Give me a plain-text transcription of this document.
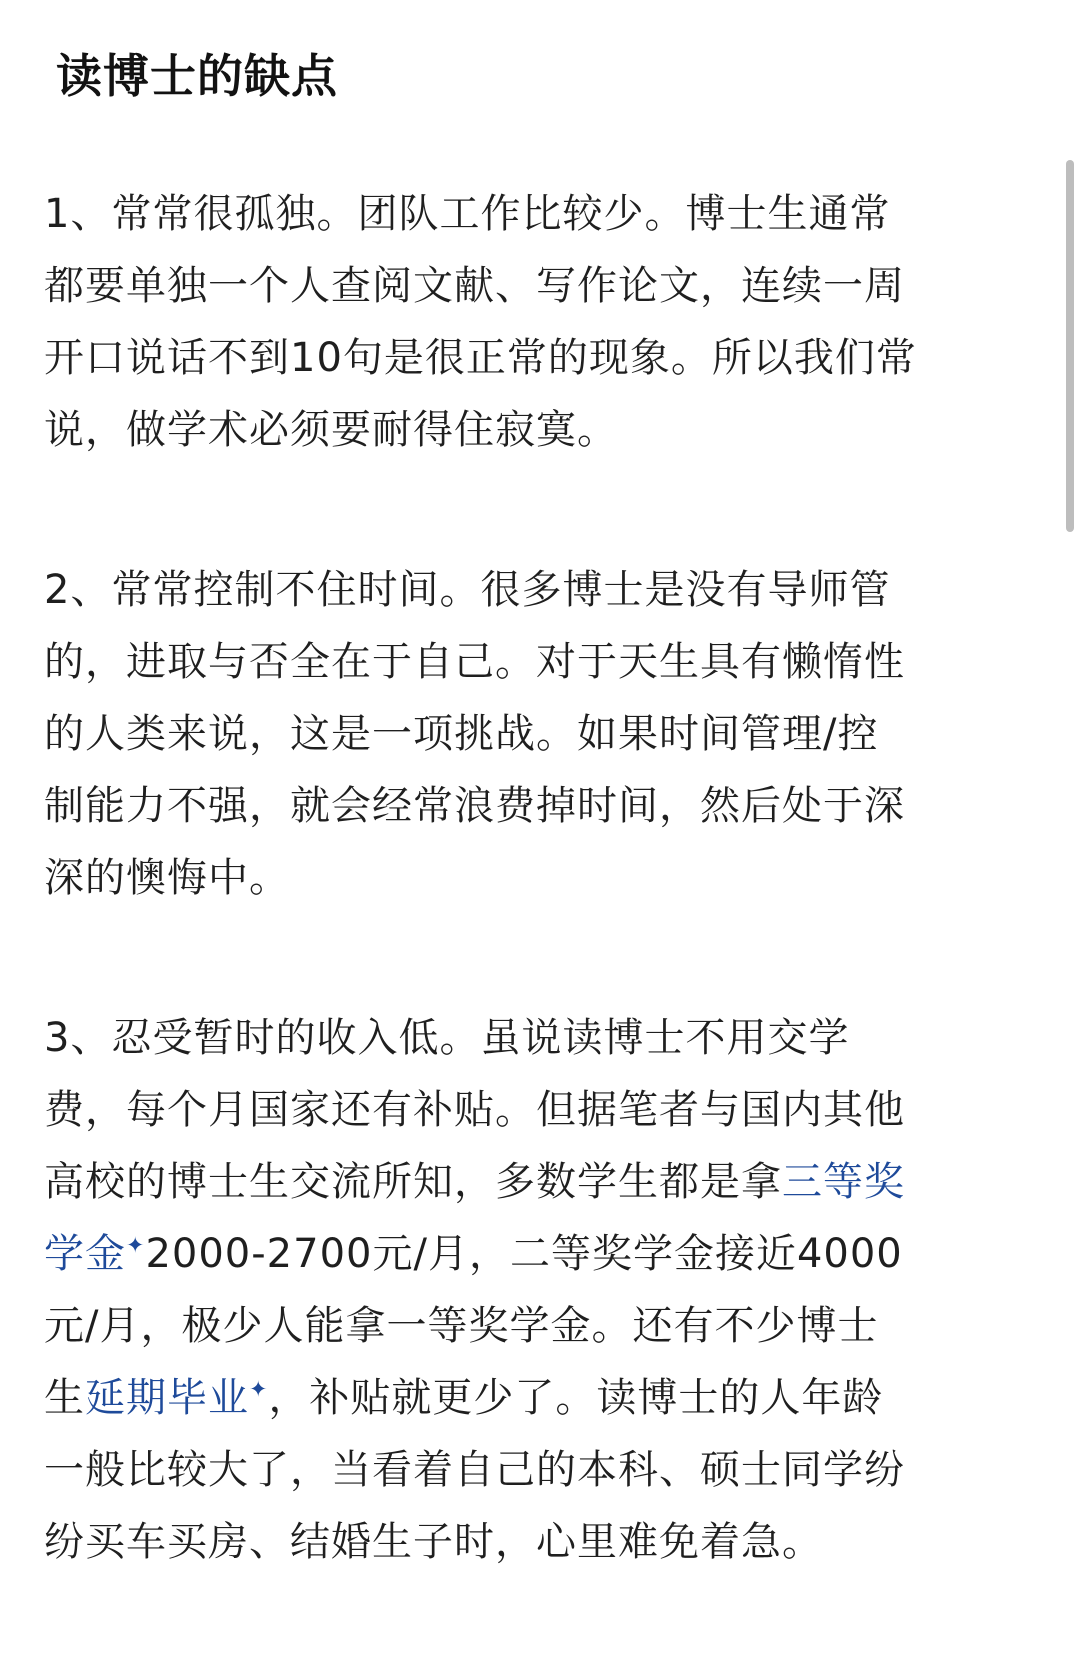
读博士的缺点
1、常常很孤独。团队工作比较少。博士生通常
都要单独一个人查阅文献、写作论文，连续一周
开口说话不到10句是很正常的现象。所以我们常
说，做学术必须要耐得住寂寞。
2、常常控制不住时间。很多博士是没有导师管
的，进取与否全在于自己。对于天生具有懒惰性
的人类来说，这是一项挑战。如果时间管理/控
制能力不强，就会经常浪费掉时间，然后处于深
深的懊悔中。
3、忍受暂时的收入低。虽说读博士不用交学
费，每个月国家还有补贴。但据笔者与国内其他
高校的博士生交流所知，多数学生都是拿三等奖
学金✦2000-2700元/月，二等奖学金接近4000
元/月，极少人能拿一等奖学金。还有不少博士
生延期毕业✦，补贴就更少了。读博士的人年龄
一般比较大了，当看着自己的本科、硕士同学纷
纷买车买房、结婚生子时，心里难免着急。
